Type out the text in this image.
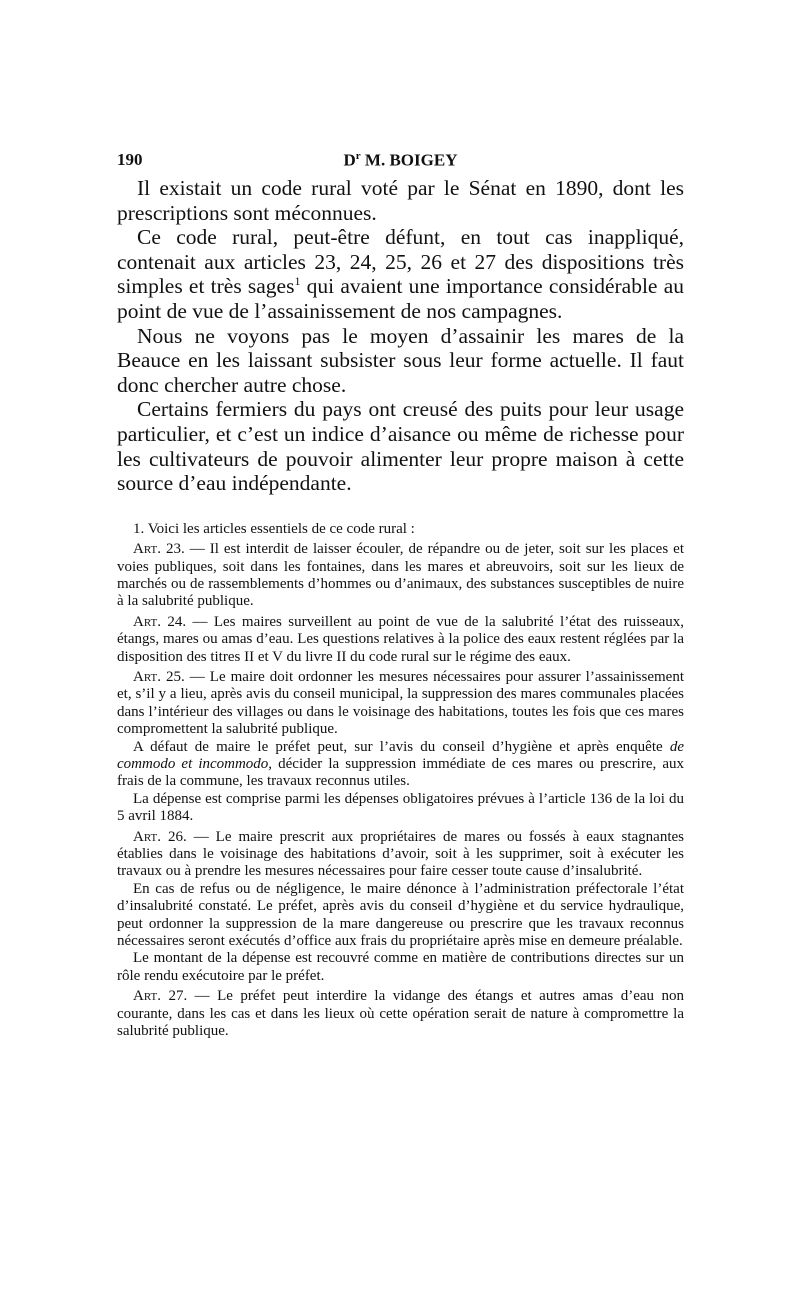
190	$D^r$ M. BOIGEY

Il existait un code rural voté par le Sénat en 1890, dont les prescriptions sont méconnues.

Ce code rural, peut-être défunt, en tout cas inappliqué, contenait aux articles 23, 24, 25, 26 et 27 des dispositions très simples et très sages$^1$ qui avaient une importance considérable au point de vue de l’assainissement de nos campagnes.

Nous ne voyons pas le moyen d’assainir les mares de la Beauce en les laissant subsister sous leur forme actuelle. Il faut donc chercher autre chose.

Certains fermiers du pays ont creusé des puits pour leur usage particulier, et c’est un indice d’aisance ou même de richesse pour les cultivateurs de pouvoir alimenter leur propre maison à cette source d’eau indépendante.

1. Voici les articles essentiels de ce code rural :

Art. 23. — Il est interdit de laisser écouler, de répandre ou de jeter, soit sur les places et voies publiques, soit dans les fontaines, dans les mares et abreuvoirs, soit sur les lieux de marchés ou de rassemblements d’hommes ou d’animaux, des substances susceptibles de nuire à la salubrité publique.

Art. 24. — Les maires surveillent au point de vue de la salubrité l’état des ruisseaux, étangs, mares ou amas d’eau. Les questions relatives à la police des eaux restent réglées par la disposition des titres II et V du livre II du code rural sur le régime des eaux.

Art. 25. — Le maire doit ordonner les mesures nécessaires pour assurer l’assainissement et, s’il y a lieu, après avis du conseil municipal, la suppression des mares communales placées dans l’intérieur des villages ou dans le voisinage des habitations, toutes les fois que ces mares compromettent la salubrité publique.

A défaut de maire le préfet peut, sur l’avis du conseil d’hygiène et après enquête de commodo et incommodo, décider la suppression immédiate de ces mares ou prescrire, aux frais de la commune, les travaux reconnus utiles.

La dépense est comprise parmi les dépenses obligatoires prévues à l’article 136 de la loi du 5 avril 1884.

Art. 26. — Le maire prescrit aux propriétaires de mares ou fossés à eaux stagnantes établies dans le voisinage des habitations d’avoir, soit à les supprimer, soit à exécuter les travaux ou à prendre les mesures nécessaires pour faire cesser toute cause d’insalubrité.

En cas de refus ou de négligence, le maire dénonce à l’administration préfectorale l’état d’insalubrité constaté. Le préfet, après avis du conseil d’hygiène et du service hydraulique, peut ordonner la suppression de la mare dangereuse ou prescrire que les travaux reconnus nécessaires seront exécutés d’office aux frais du propriétaire après mise en demeure préalable.

Le montant de la dépense est recouvré comme en matière de contributions directes sur un rôle rendu exécutoire par le préfet.

Art. 27. — Le préfet peut interdire la vidange des étangs et autres amas d’eau non courante, dans les cas et dans les lieux où cette opération serait de nature à compromettre la salubrité publique.
